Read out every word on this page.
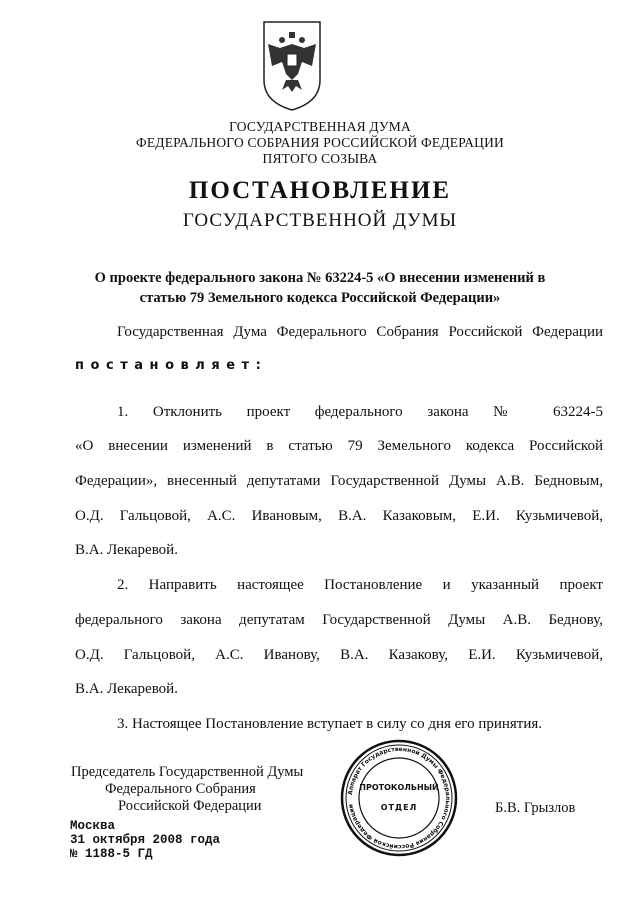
ГОСУДАРСТВЕННАЯ ДУМА
ФЕДЕРАЛЬНОГО СОБРАНИЯ РОССИЙСКОЙ ФЕДЕРАЦИИ
ПЯТОГО СОЗЫВА
ПОСТАНОВЛЕНИЕ
ГОСУДАРСТВЕННОЙ ДУМЫ
О проекте федерального закона № 63224-5 «О внесении изменений в
статью 79 Земельного кодекса Российской Федерации»
Государственная Дума Федерального Собрания Российской Федерации
п о с т а н о в л я е т :
1. Отклонить проект федерального закона № 63224-5
«О внесении изменений в статью 79 Земельного кодекса Российской
Федерации», внесенный депутатами Государственной Думы А.В. Бедновым,
О.Д. Гальцовой, А.С. Ивановым, В.А. Казаковым, Е.И. Кузьмичевой,
В.А. Лекаревой.
2. Направить настоящее Постановление и указанный проект
федерального закона депутатам Государственной Думы А.В. Беднову,
О.Д. Гальцовой, А.С. Иванову, В.А. Казакову, Е.И. Кузьмичевой,
В.А. Лекаревой.
3. Настоящее Постановление вступает в силу со дня его принятия.
Председатель Государственной Думы
Федерального Собрания
Российской Федерации	Б.В. Грызлов
Москва
31 октября 2008 года
№ 1188-5 ГД
Аппарат Государственной Думы Федерального Собрания Российской Федерации
ПРОТОКОЛЬНЫЙ
ОТДЕЛ
